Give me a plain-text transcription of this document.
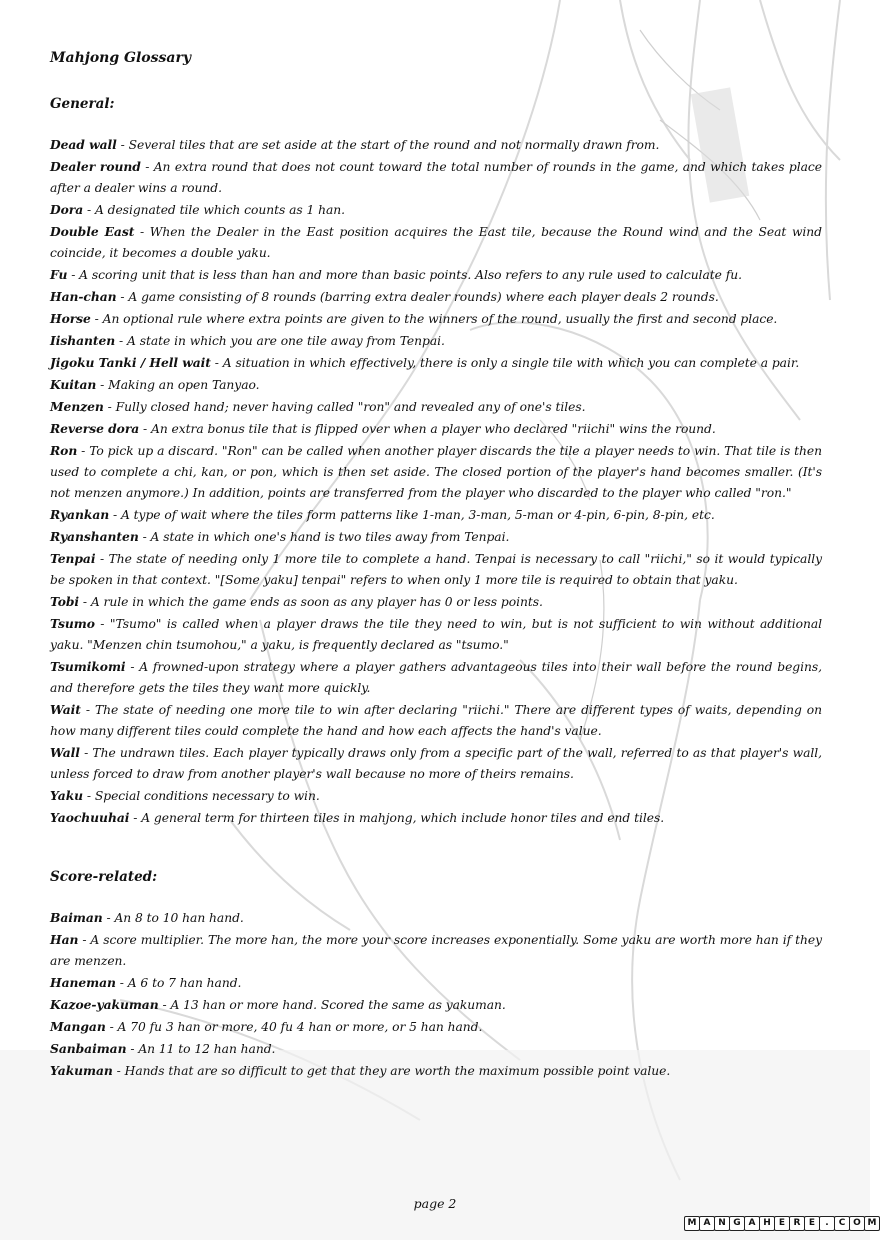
Mahjong Glossary
General:
Dead wall - Several tiles that are set aside at the start of the round and not normally drawn from.
Dealer round - An extra round that does not count toward the total number of rounds in the game, and which takes place after a dealer wins a round.
Dora - A designated tile which counts as 1 han.
Double East - When the Dealer in the East position acquires the East tile, because the Round wind and the Seat wind coincide, it becomes a double yaku.
Fu - A scoring unit that is less than han and more than basic points. Also refers to any rule used to calculate fu.
Han-chan - A game consisting of 8 rounds (barring extra dealer rounds) where each player deals 2 rounds.
Horse - An optional rule where extra points are given to the winners of the round, usually the first and second place.
Iishanten - A state in which you are one tile away from Tenpai.
Jigoku Tanki / Hell wait - A situation in which effectively, there is only a single tile with which you can complete a pair.
Kuitan - Making an open Tanyao.
Menzen - Fully closed hand; never having called "ron" and revealed any of one's tiles.
Reverse dora - An extra bonus tile that is flipped over when a player who declared "riichi" wins the round.
Ron - To pick up a discard. "Ron" can be called when another player discards the tile a player needs to win. That tile is then used to complete a chi, kan, or pon, which is then set aside. The closed portion of the player's hand becomes smaller. (It's not menzen anymore.) In addition, points are transferred from the player who discarded to the player who called "ron."
Ryankan - A type of wait where the tiles form patterns like 1-man, 3-man, 5-man or 4-pin, 6-pin, 8-pin, etc.
Ryanshanten - A state in which one's hand is two tiles away from Tenpai.
Tenpai - The state of needing only 1 more tile to complete a hand. Tenpai is necessary to call "riichi," so it would typically be spoken in that context. "[Some yaku] tenpai" refers to when only 1 more tile is required to obtain that yaku.
Tobi - A rule in which the game ends as soon as any player has 0 or less points.
Tsumo - "Tsumo" is called when a player draws the tile they need to win, but is not sufficient to win without additional yaku. "Menzen chin tsumohou," a yaku, is frequently declared as "tsumo."
Tsumikomi - A frowned-upon strategy where a player gathers advantageous tiles into their wall before the round begins, and therefore gets the tiles they want more quickly.
Wait - The state of needing one more tile to win after declaring "riichi." There are different types of waits, depending on how many different tiles could complete the hand and how each affects the hand's value.
Wall - The undrawn tiles. Each player typically draws only from a specific part of the wall, referred to as that player's wall, unless forced to draw from another player's wall because no more of theirs remains.
Yaku - Special conditions necessary to win.
Yaochuuhai - A general term for thirteen tiles in mahjong, which include honor tiles and end tiles.
Score-related:
Baiman - An 8 to 10 han hand.
Han - A score multiplier. The more han, the more your score increases exponentially. Some yaku are worth more han if they are menzen.
Haneman - A 6 to 7 han hand.
Kazoe-yakuman - A 13 han or more hand. Scored the same as yakuman.
Mangan - A 70 fu 3 han or more, 40 fu 4 han or more, or 5 han hand.
Sanbaiman - An 11 to 12 han hand.
Yakuman - Hands that are so difficult to get that they are worth the maximum possible point value.
page 2
M A N G A H E R E	.	C O M
